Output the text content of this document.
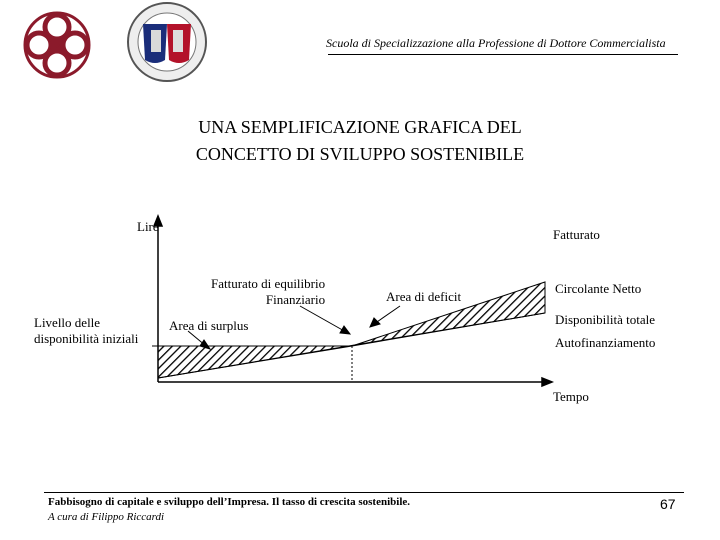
Scuola di Specializzazione alla Professione di Dottore Commercialista
UNA SEMPLIFICAZIONE GRAFICA DEL
CONCETTO DI SVILUPPO SOSTENIBILE
Lire
Tempo
Livello delle
disponibilità iniziali
Fatturato di equilibrio
Finanziario	Area di deficit
Area di surplus
Fatturato
Circolante Netto
Disponibilità totale
Autofinanziamento
Fabbisogno di capitale e sviluppo dell’Impresa. Il tasso di crescita sostenibile.
A cura di Filippo Riccardi
67
